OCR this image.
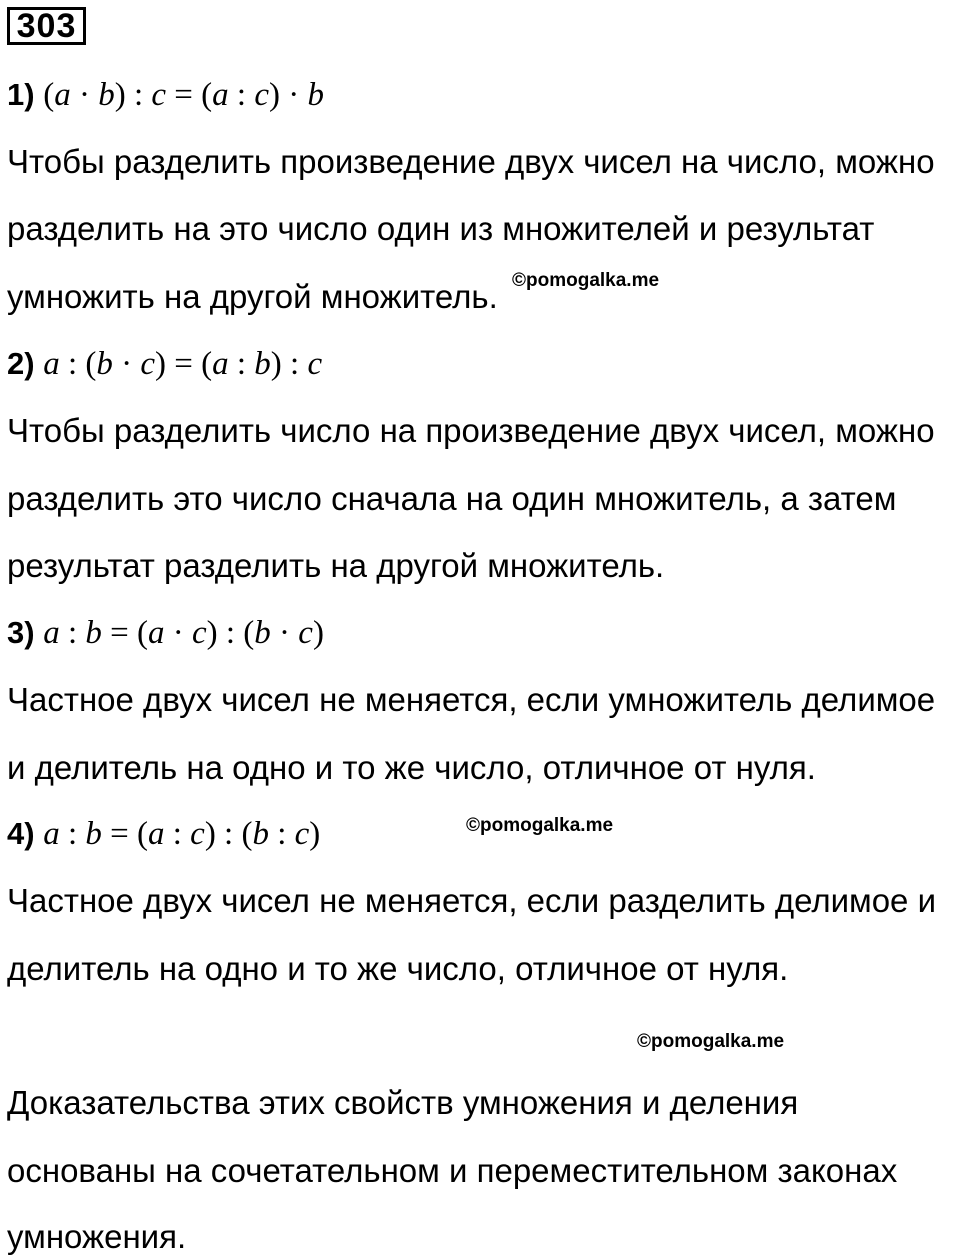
303
1) (a · b) : c = (a : c) · b
Чтобы разделить произведение двух чисел на число, можно
разделить на это число один из множителей и результат
умножить на другой множитель.
2) a : (b · c) = (a : b) : c
Чтобы разделить число на произведение двух чисел, можно
разделить это число сначала на один множитель, а затем
результат разделить на другой множитель.
3) a : b = (a · c) : (b · c)
Частное двух чисел не меняется, если умножитель делимое
и делитель на одно и то же число, отличное от нуля.
4) a : b = (a : c) : (b : c)
Частное двух чисел не меняется, если разделить делимое и
делитель на одно и то же число, отличное от нуля.
Доказательства этих свойств умножения и деления
основаны на сочетательном и переместительном законах
умножения.
©pomogalka.me
©pomogalka.me
©pomogalka.me
